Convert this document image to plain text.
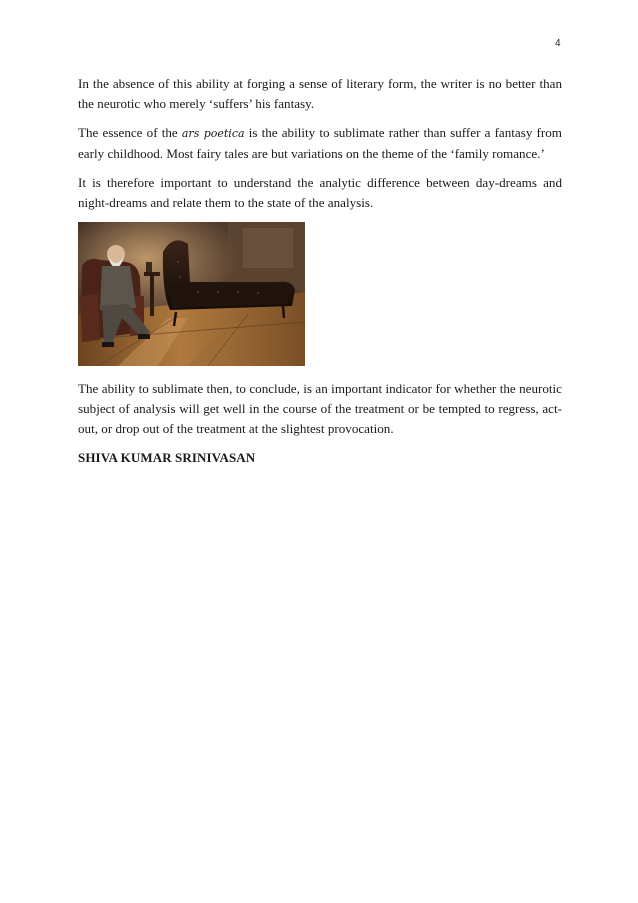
4

In the absence of this ability at forging a sense of literary form, the writer is no better than the neurotic who merely ‘suffers’ his fantasy.

The essence of the ars poetica is the ability to sublimate rather than suffer a fantasy from early childhood. Most fairy tales are but variations on the theme of the ‘family romance.’

It is therefore important to understand the analytic difference between day-dreams and night-dreams and relate them to the state of the analysis.

The ability to sublimate then, to conclude, is an important indicator for whether the neurotic subject of analysis will get well in the course of the treatment or be tempted to regress, act-out, or drop out of the treatment at the slightest provocation.

SHIVA KUMAR SRINIVASAN
